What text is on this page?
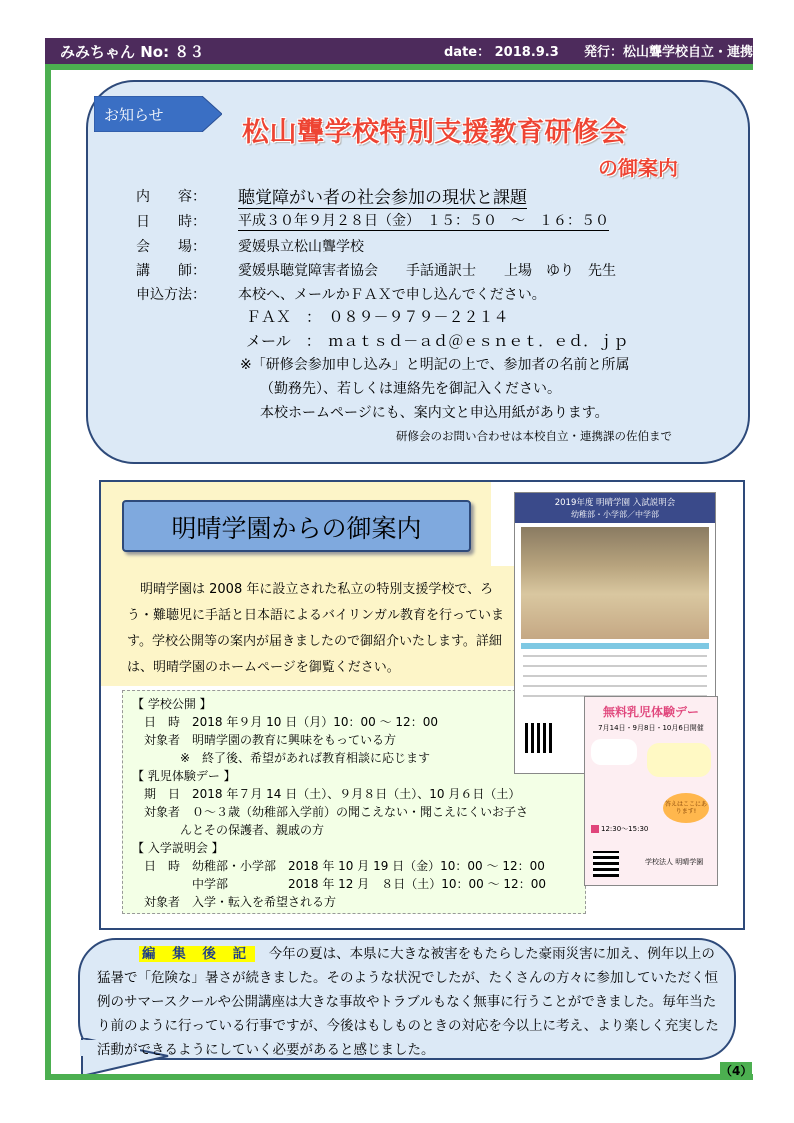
みみちゃん No: ８３	date： 2018.9.3 発行：松山聾学校自立・連携課
お知らせ
松山聾学校特別支援教育研修会
の御案内
内　　容： 聴覚障がい者の社会参加の現状と課題
日　　時： 平成３０年９月２８日（金）　１５：５０　～　１６：５０
会　　場： 愛媛県立松山聾学校
講　　師： 愛媛県聴覚障害者協会　　手話通訳士　　上場　ゆり　先生
申込方法： 本校へ、メールかＦＡＸで申し込んでください。
ＦＡＸ　：　０８９－９７９－２２１４
メール　：　ｍａｔｓｄ－ａｄ＠ｅｓｎｅｔ．ｅｄ．ｊｐ
※「研修会参加申し込み」と明記の上で、参加者の名前と所属
（勤務先）、若しくは連絡先を御記入ください。
本校ホームページにも、案内文と申込用紙があります。
研修会のお問い合わせは本校自立・連携課の佐伯まで
明晴学園からの御案内
明晴学園は 2008 年に設立された私立の特別支援学校で、ろう・難聴児に手話と日本語によるバイリンガル教育を行っています。学校公開等の案内が届きましたので御紹介いたします。詳細は、明晴学園のホームページを御覧ください。
【 学校公開 】
　日　時　2018 年９月 10 日（月）10：00 ～ 12：00
　対象者　明晴学園の教育に興味をもっている方
　　　　※　終了後、希望があれば教育相談に応じます
【 乳児体験デー 】
　期　日　2018 年７月 14 日（土）、９月８日（土）、10 月６日（土）
　対象者　０～３歳（幼稚部入学前）の聞こえない・聞こえにくいお子さ
　　　　んとその保護者、親戚の方
【 入学説明会 】
　日　時　幼稚部・小学部　2018 年 10 月 19 日（金）10：00 ～ 12：00
　　　　　中学部　　　　　2018 年 12 月　８日（土）10：00 ～ 12：00
　対象者　入学・転入を希望される方
2019年度 明晴学園 入試説明会
幼稚部・小学部／中学部
無料乳児体験デー
7月14日・9月8日・10月6日開催
答えはここにあります!
12:30～15:30
学校法人 明晴学園
編 集 後 記　 今年の夏は、本県に大きな被害をもたらした豪雨災害に加え、例年以上の猛暑で「危険な」暑さが続きました。そのような状況でしたが、たくさんの方々に参加していただく恒例のサマースクールや公開講座は大きな事故やトラブルもなく無事に行うことができました。毎年当たり前のように行っている行事ですが、今後はもしものときの対応を今以上に考え、より楽しく充実した活動ができるようにしていく必要があると感じました。
（4）
